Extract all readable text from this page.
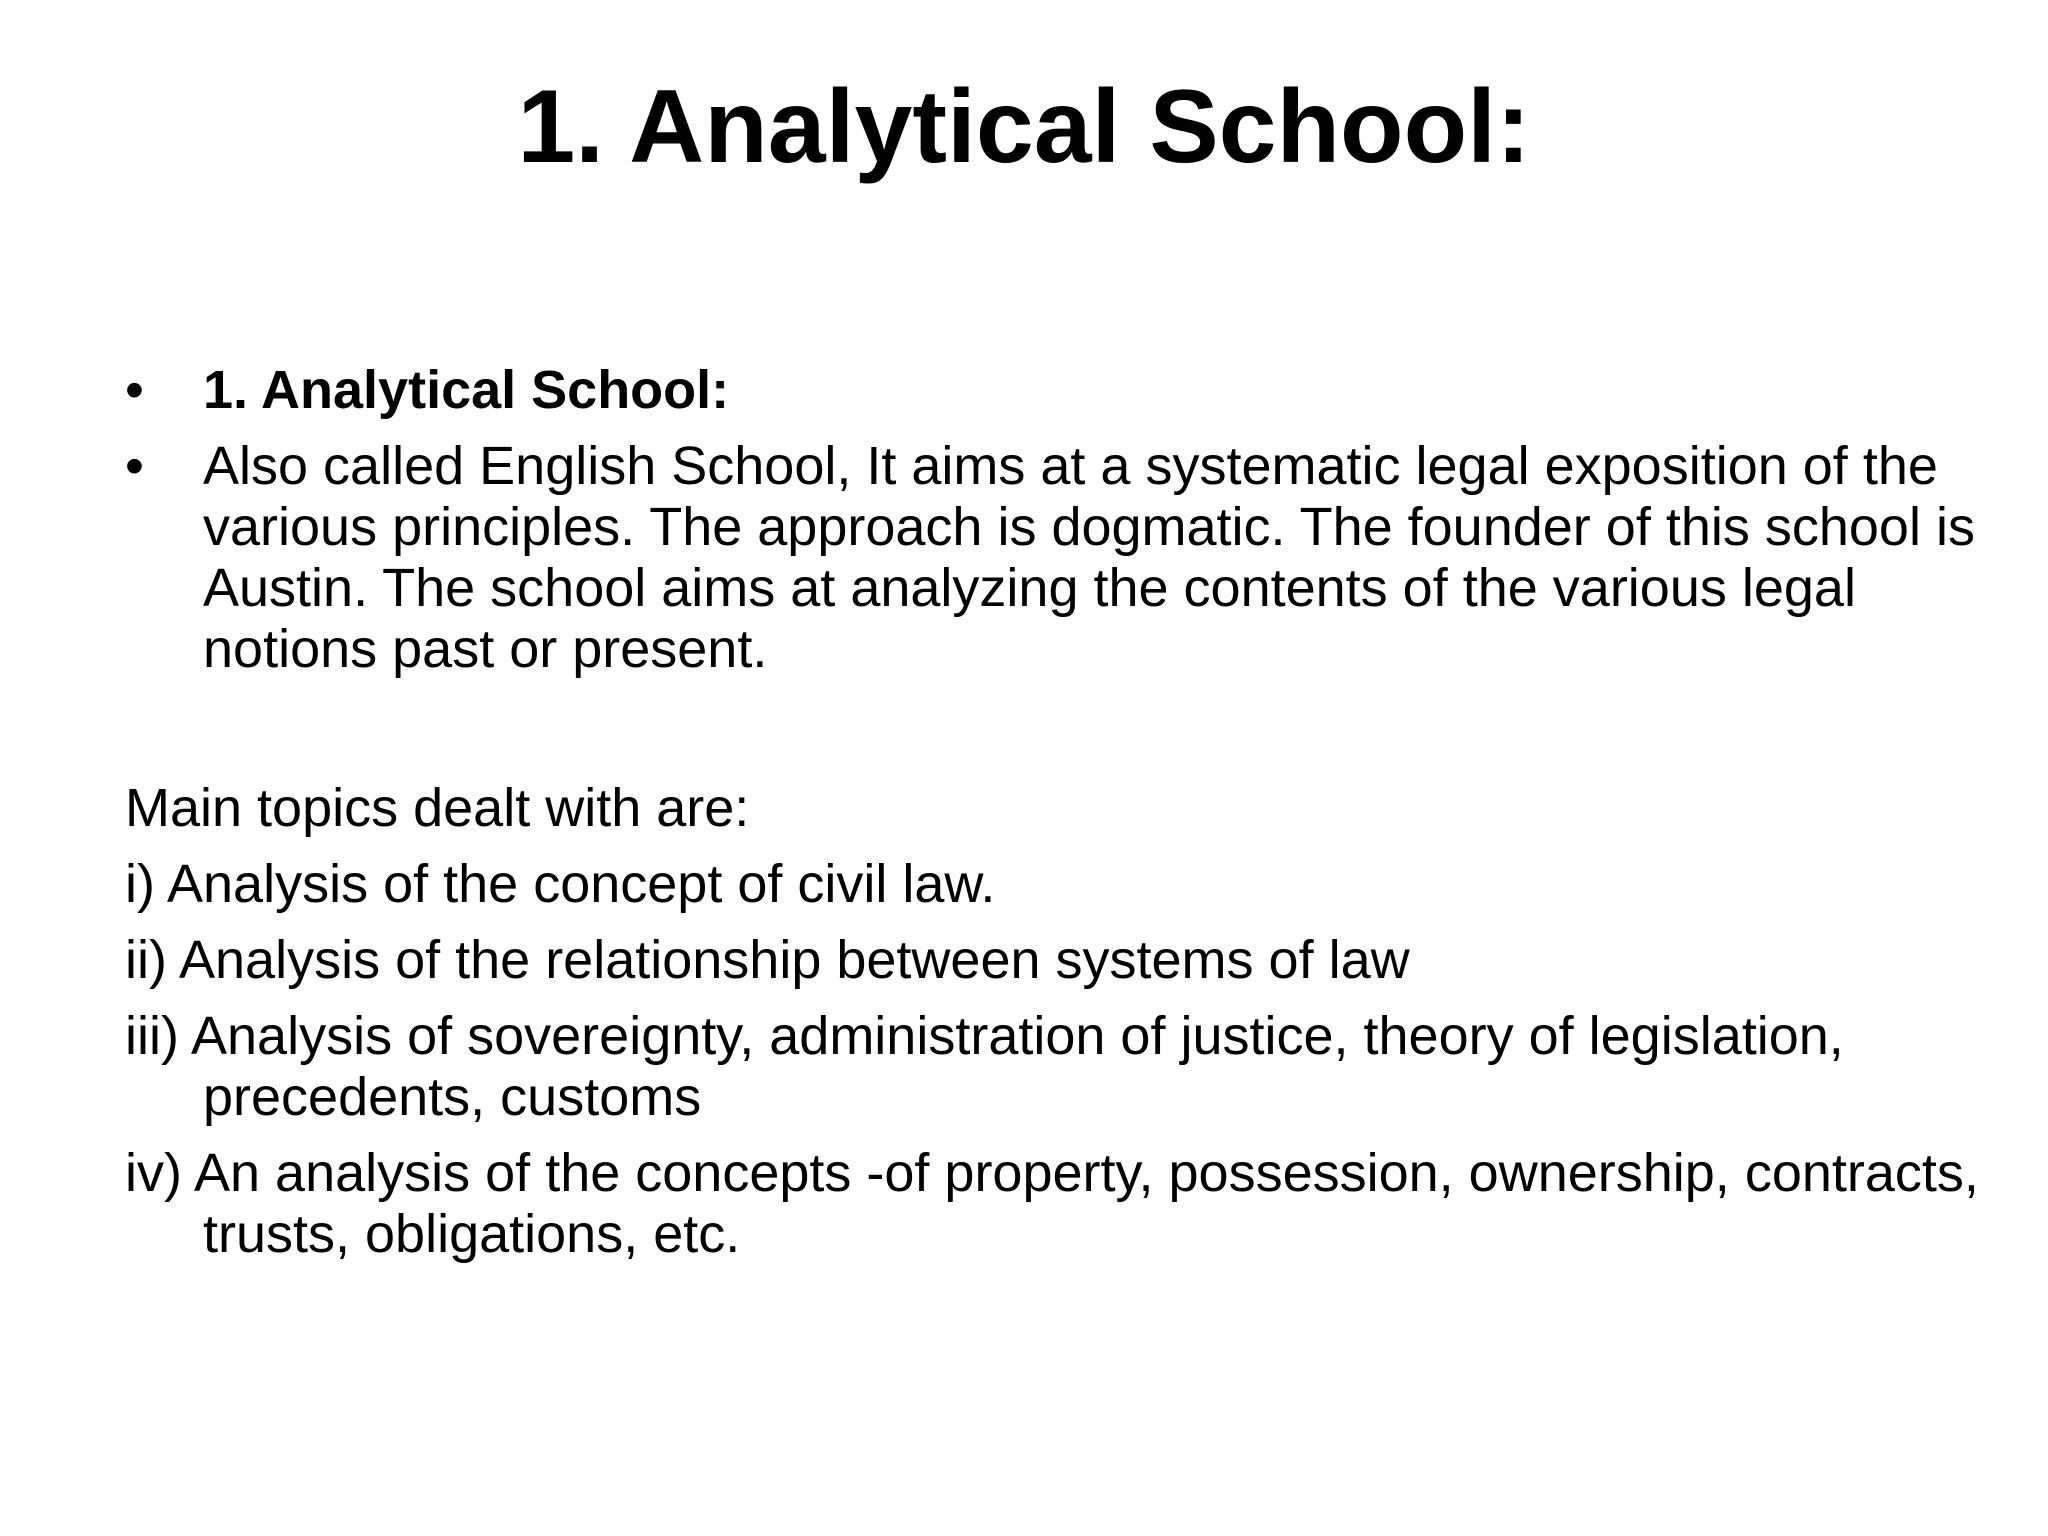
1. Analytical School:

•	1. Analytical School:

•	Also called English School, It aims at a systematic legal exposition of the various principles. The approach is dogmatic. The founder of this school is Austin. The school aims at analyzing the contents of the various legal notions past or present.

Main topics dealt with are:

i) Analysis of the concept of civil law.

ii) Analysis of the relationship between systems of law

iii) Analysis of sovereignty, administration of justice, theory of legislation, precedents, customs

iv) An analysis of the concepts -of property, possession, ownership, contracts, trusts, obligations, etc.
